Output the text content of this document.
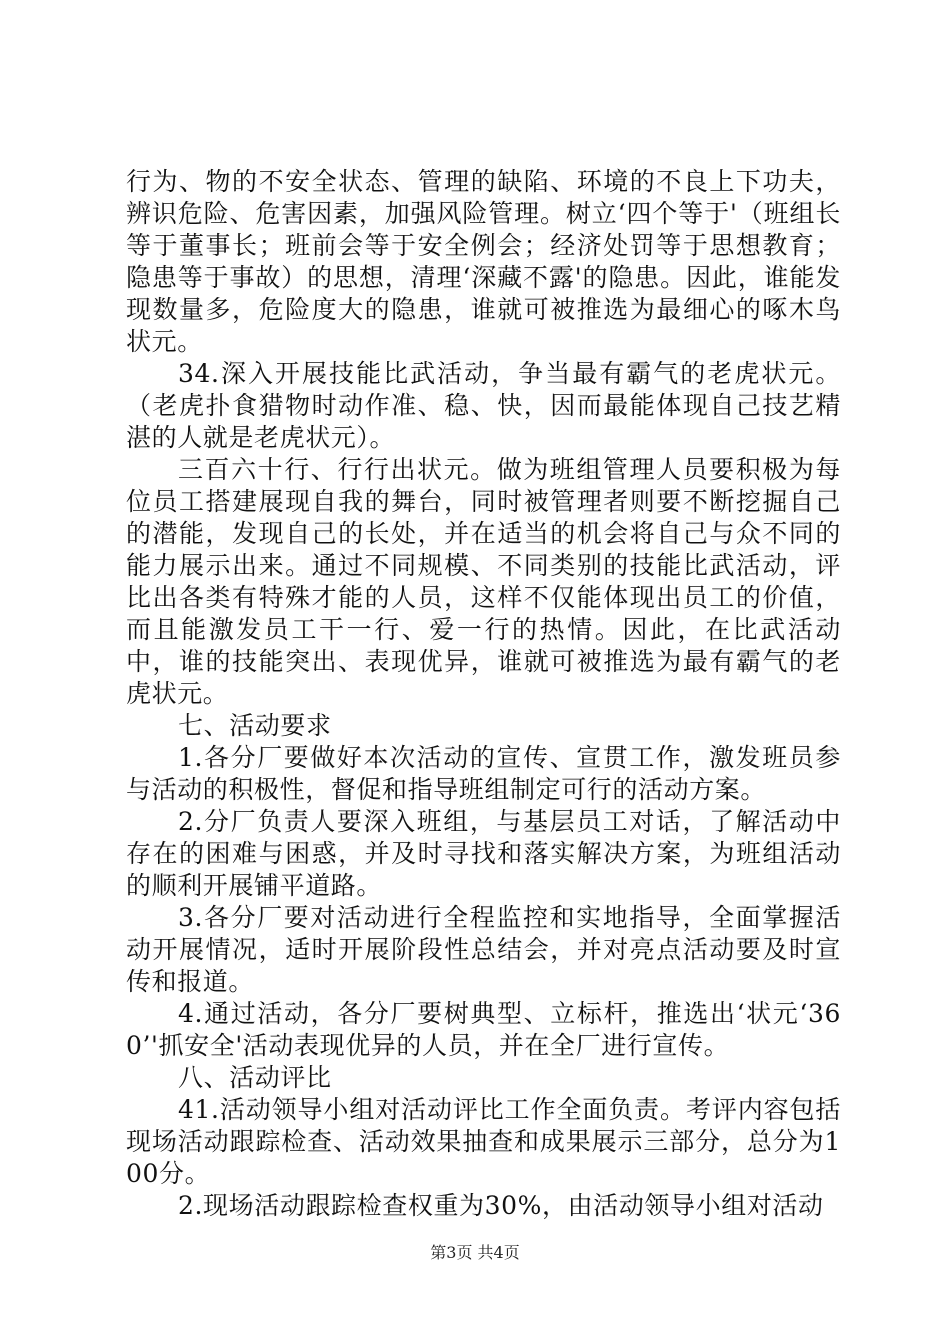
行为、物的不安全状态、管理的缺陷、环境的不良上下功夫，辨识危险、危害因素，加强风险管理。树立‘四个等于'（班组长等于董事长；班前会等于安全例会；经济处罚等于思想教育；隐患等于事故）的思想，清理‘深藏不露'的隐患。因此，谁能发现数量多，危险度大的隐患，谁就可被推选为最细心的啄木鸟状元。

34.深入开展技能比武活动，争当最有霸气的老虎状元。（老虎扑食猎物时动作准、稳、快，因而最能体现自己技艺精湛的人就是老虎状元）。

三百六十行、行行出状元。做为班组管理人员要积极为每位员工搭建展现自我的舞台，同时被管理者则要不断挖掘自己的潜能，发现自己的长处，并在适当的机会将自己与众不同的能力展示出来。通过不同规模、不同类别的技能比武活动，评比出各类有特殊才能的人员，这样不仅能体现出员工的价值，而且能激发员工干一行、爱一行的热情。因此，在比武活动中，谁的技能突出、表现优异，谁就可被推选为最有霸气的老虎状元。

七、活动要求

1.各分厂要做好本次活动的宣传、宣贯工作，激发班员参与活动的积极性，督促和指导班组制定可行的活动方案。

2.分厂负责人要深入班组，与基层员工对话，了解活动中存在的困难与困惑，并及时寻找和落实解决方案，为班组活动的顺利开展铺平道路。

3.各分厂要对活动进行全程监控和实地指导，全面掌握活动开展情况，适时开展阶段性总结会，并对亮点活动要及时宣传和报道。

4.通过活动，各分厂要树典型、立标杆，推选出‘状元‘360’'抓安全'活动表现优异的人员，并在全厂进行宣传。

八、活动评比

41.活动领导小组对活动评比工作全面负责。考评内容包括现场活动跟踪检查、活动效果抽查和成果展示三部分，总分为100分。

2.现场活动跟踪检查权重为30%，由活动领导小组对活动

第3页 共4页
